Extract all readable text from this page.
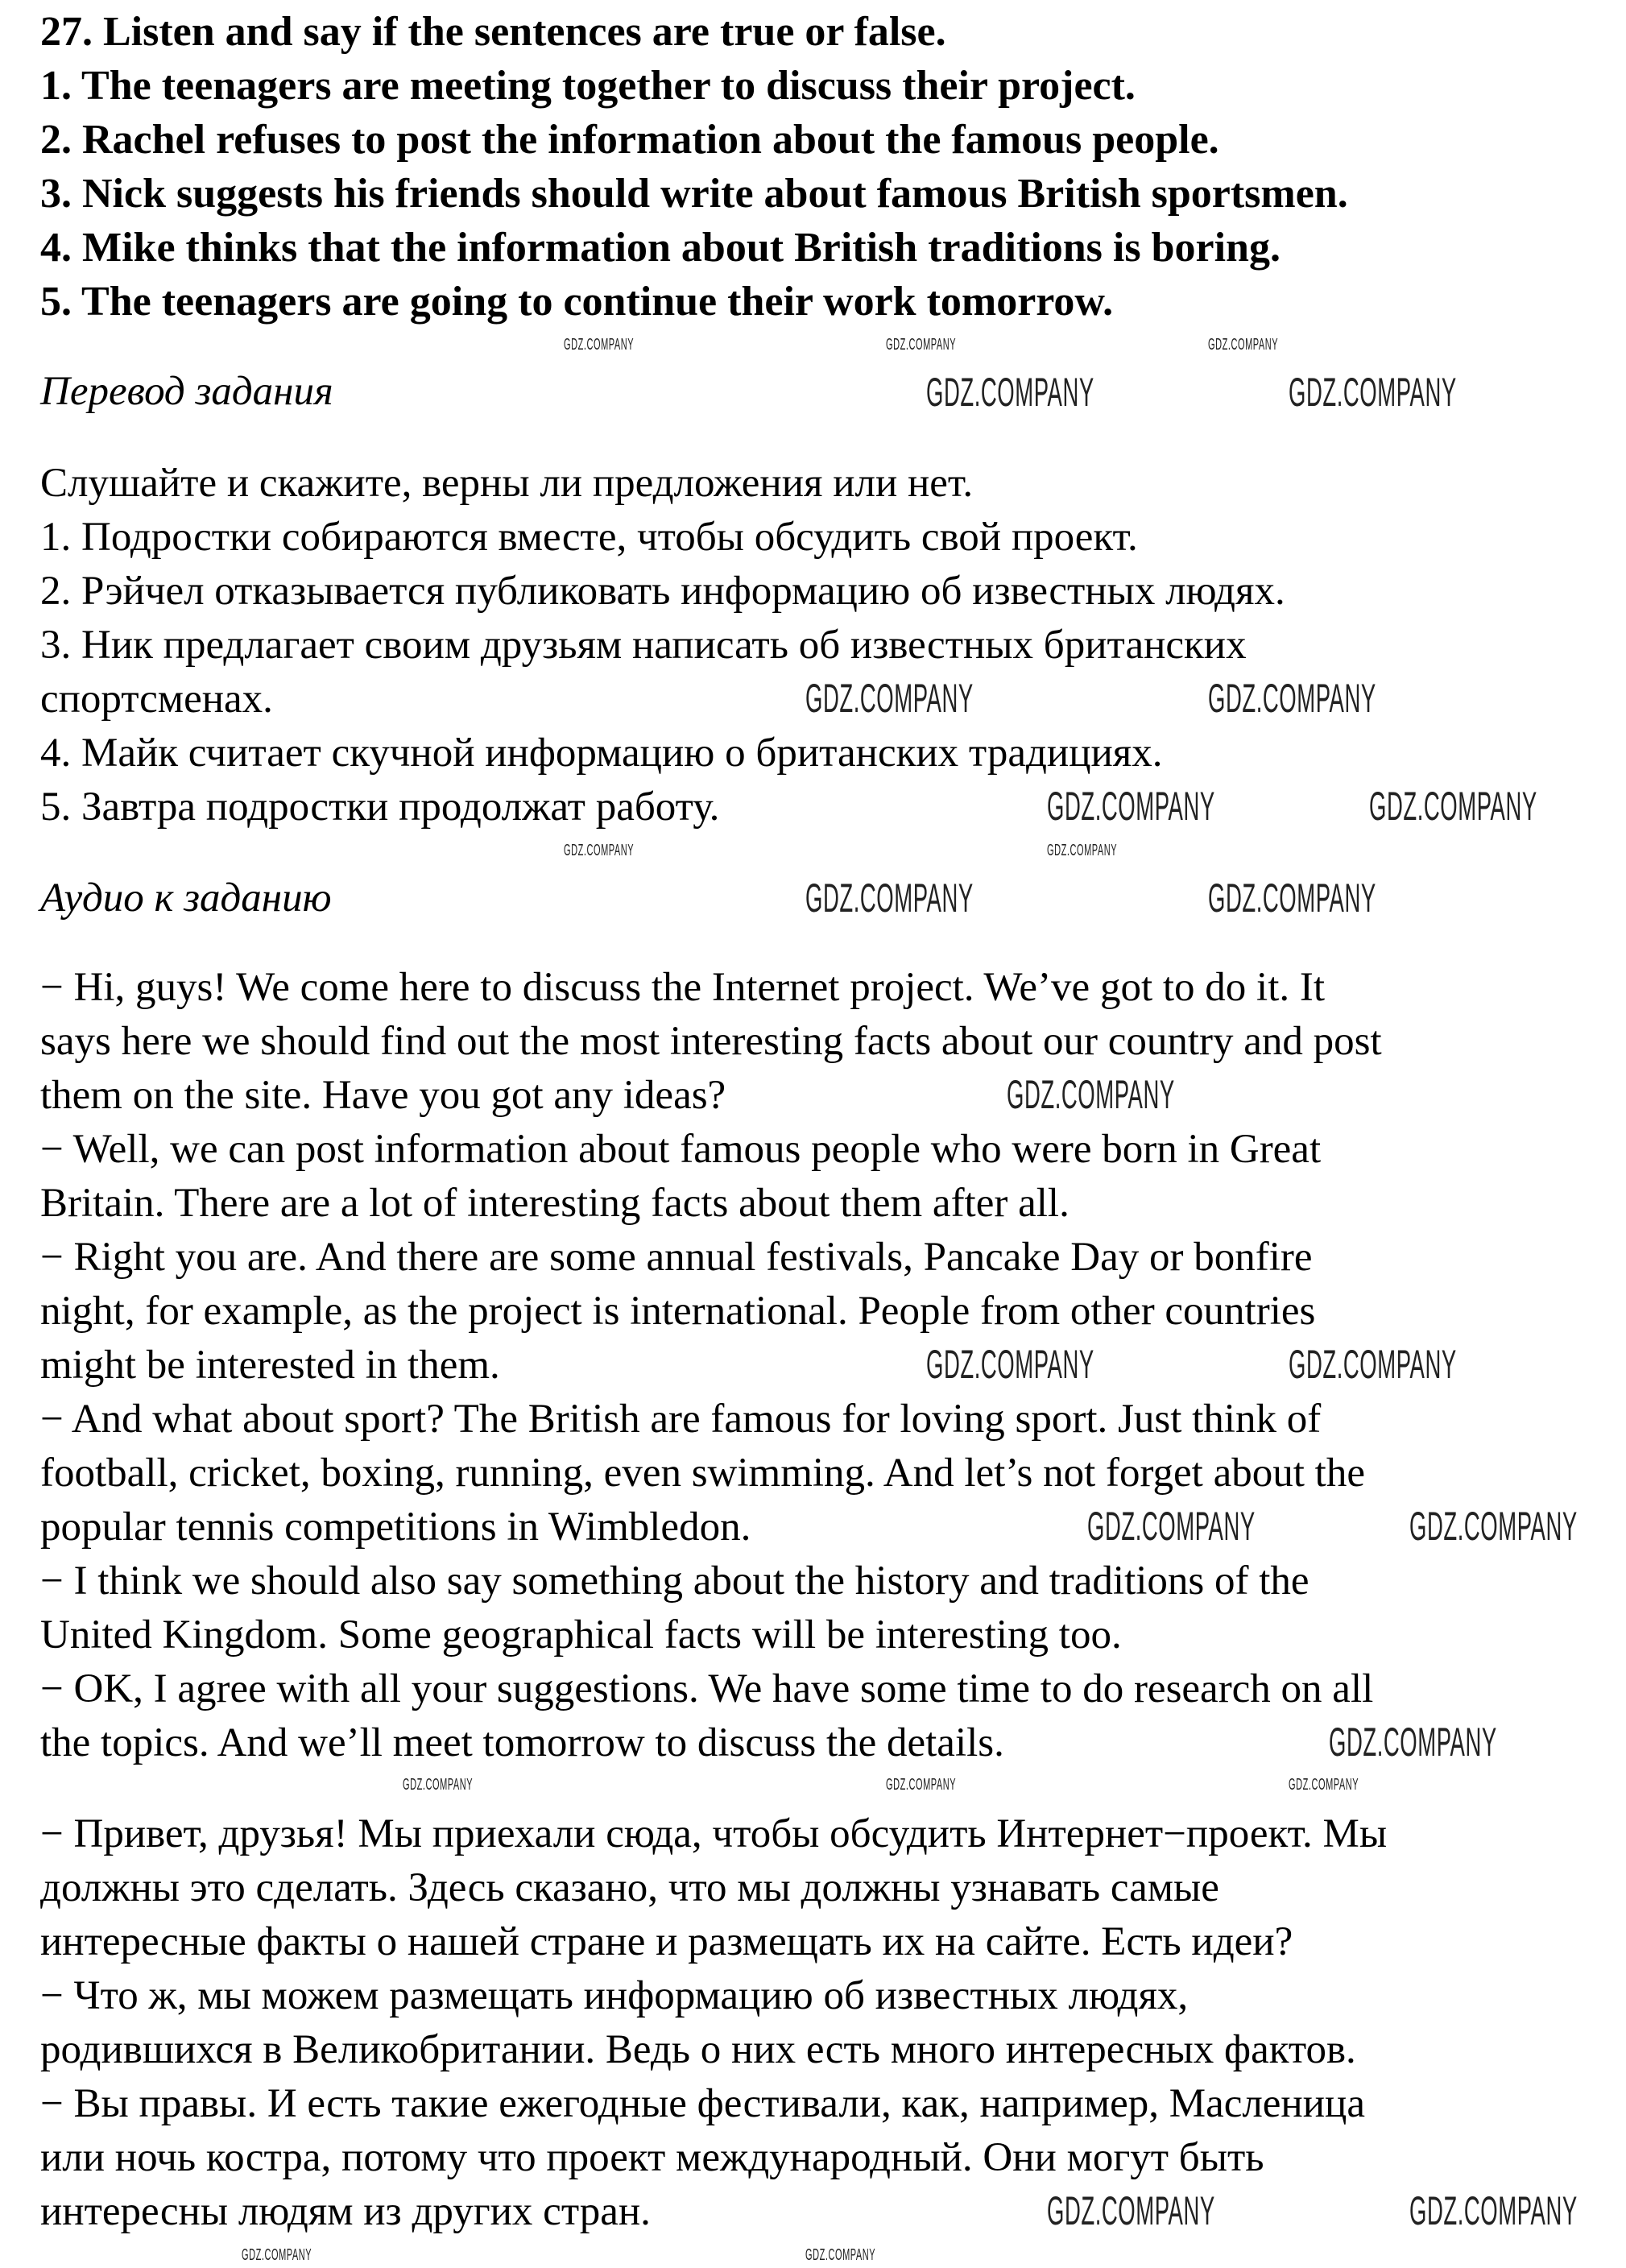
27. Listen and say if the sentences are true or false.
1. The teenagers are meeting together to discuss their project.
2. Rachel refuses to post the information about the famous people.
3. Nick suggests his friends should write about famous British sportsmen.
4. Mike thinks that the information about British traditions is boring.
5. The teenagers are going to continue their work tomorrow.
Перевод задания
Слушайте и скажите, верны ли предложения или нет.
1. Подростки собираются вместе, чтобы обсудить свой проект.
2. Рэйчел отказывается публиковать информацию об известных людях.
3. Ник предлагает своим друзьям написать об известных британских
спортсменах.
4. Майк считает скучной информацию о британских традициях.
5. Завтра подростки продолжат работу.
Аудио к заданию
− Hi, guys! We come here to discuss the Internet project. We’ve got to do it. It
says here we should find out the most interesting facts about our country and post
them on the site. Have you got any ideas?
− Well, we can post information about famous people who were born in Great
Britain. There are a lot of interesting facts about them after all.
− Right you are. And there are some annual festivals, Pancake Day or bonfire
night, for example, as the project is international. People from other countries
might be interested in them.
− And what about sport? The British are famous for loving sport. Just think of
football, cricket, boxing, running, even swimming. And let’s not forget about the
popular tennis competitions in Wimbledon.
− I think we should also say something about the history and traditions of the
United Kingdom. Some geographical facts will be interesting too.
− OK, I agree with all your suggestions. We have some time to do research on all
the topics. And we’ll meet tomorrow to discuss the details.
− Привет, друзья! Мы приехали сюда, чтобы обсудить Интернет−проект. Мы
должны это сделать. Здесь сказано, что мы должны узнавать самые
интересные факты о нашей стране и размещать их на сайте. Есть идеи?
− Что ж, мы можем размещать информацию об известных людях,
родившихся в Великобритании. Ведь о них есть много интересных фактов.
− Вы правы. И есть такие ежегодные фестивали, как, например, Масленица
или ночь костра, потому что проект международный. Они могут быть
интересны людям из других стран.
GDZ.COMPANY	GDZ.COMPANY	GDZ.COMPANY
GDZ.COMPANY	GDZ.COMPANY
GDZ.COMPANY	GDZ.COMPANY
GDZ.COMPANY	GDZ.COMPANY
GDZ.COMPANY	GDZ.COMPANY
GDZ.COMPANY	GDZ.COMPANY
GDZ.COMPANY
GDZ.COMPANY	GDZ.COMPANY
GDZ.COMPANY	GDZ.COMPANY
GDZ.COMPANY
GDZ.COMPANY	GDZ.COMPANY	GDZ.COMPANY
GDZ.COMPANY	GDZ.COMPANY
GDZ.COMPANY	GDZ.COMPANY
